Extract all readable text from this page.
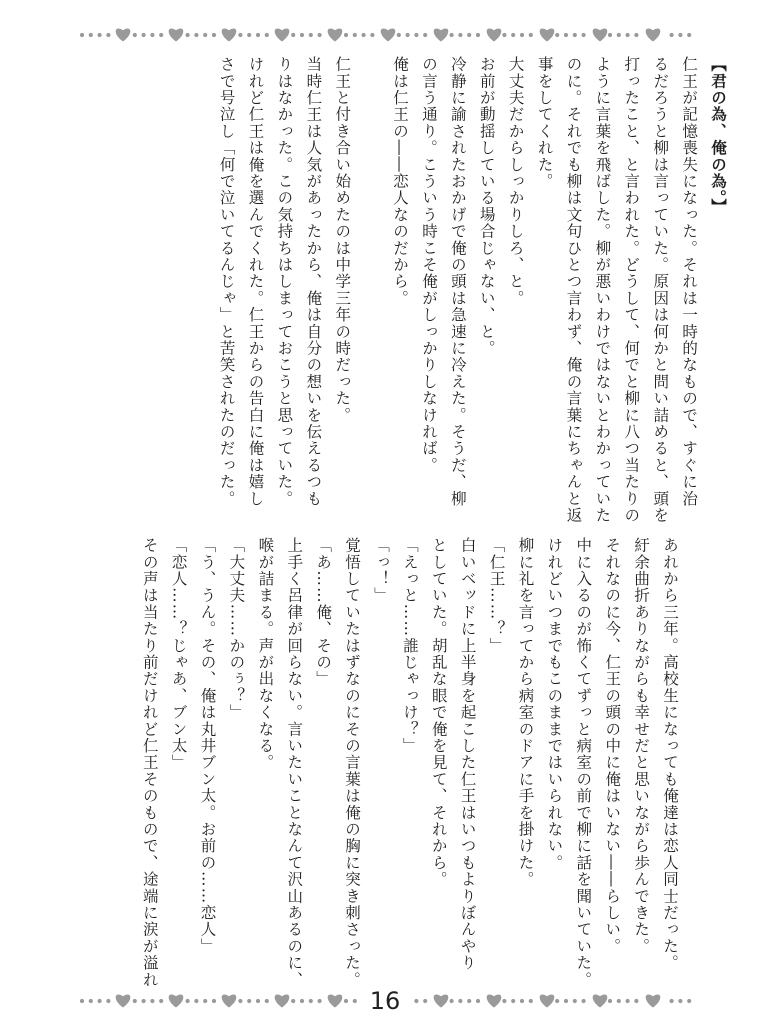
【君の為、俺の為。】
仁王が記憶喪失になった。それは一時的なもので、すぐに治
るだろうと柳は言っていた。原因は何かと問い詰めると、頭を
打ったこと、と言われた。どうして、何でと柳に八つ当たりの
ように言葉を飛ばした。柳が悪いわけではないとわかっていた
のに。それでも柳は文句ひとつ言わず、俺の言葉にちゃんと返
事をしてくれた。
大丈夫だからしっかりしろ、と。
お前が動揺している場合じゃない、と。
冷静に諭されたおかげで俺の頭は急速に冷えた。そうだ、柳
の言う通り。こういう時こそ俺がしっかりしなければ。
俺は仁王の――恋人なのだから。
仁王と付き合い始めたのは中学三年の時だった。
当時仁王は人気があったから、俺は自分の想いを伝えるつも
りはなかった。この気持ちはしまっておこうと思っていた。
けれど仁王は俺を選んでくれた。仁王からの告白に俺は嬉し
さで号泣し「何で泣いてるんじゃ」と苦笑されたのだった。
あれから三年。高校生になっても俺達は恋人同士だった。
紆余曲折ありながらも幸せだと思いながら歩んできた。
それなのに今、仁王の頭の中に俺はいない――らしい。
中に入るのが怖くてずっと病室の前で柳に話を聞いていた。
けれどいつまでもこのままではいられない。
柳に礼を言ってから病室のドアに手を掛けた。
「仁王……？」
白いベッドに上半身を起こした仁王はいつもよりぼんやり
としていた。胡乱な眼で俺を見て、それから。
「えっと……誰じゃっけ？」
「っ！」
覚悟していたはずなのにその言葉は俺の胸に突き刺さった。
「あ……俺、その」
上手く呂律が回らない。言いたいことなんて沢山あるのに、
喉が詰まる。声が出なくなる。
「大丈夫……かのぅ？」
「う、うん。その、俺は丸井ブン太。お前の……恋人」
「恋人……？じゃあ、ブン太」
その声は当たり前だけれど仁王そのもので、途端に涙が溢れ
16
